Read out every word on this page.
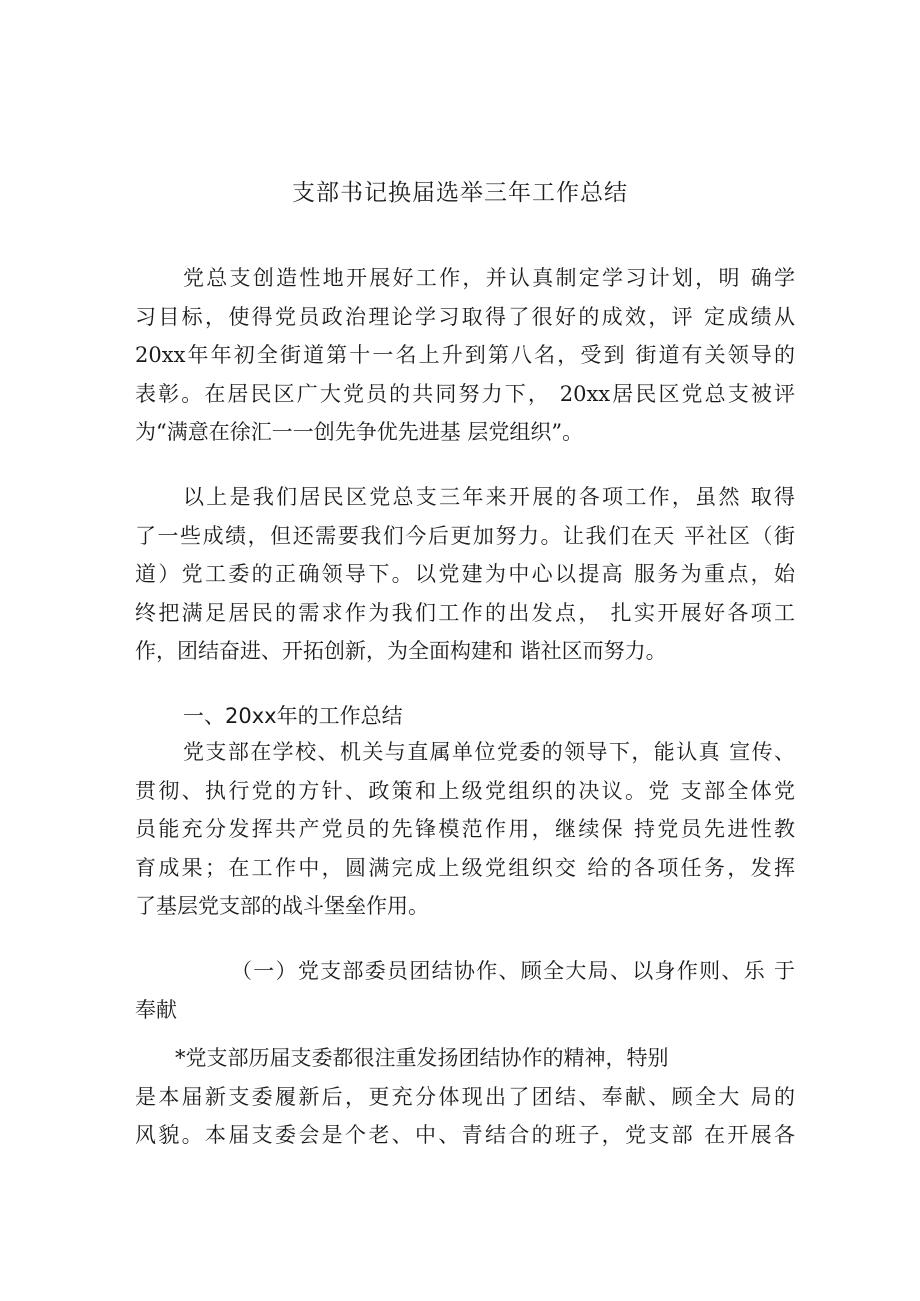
支部书记换届选举三年工作总结
党总支创造性地开展好工作，并认真制定学习计划，明 确学
习目标，使得党员政治理论学习取得了很好的成效，评 定成绩从
20xx年年初全街道第十一名上升到第八名，受到 街道有关领导的
表彰。在居民区广大党员的共同努力下， 20xx居民区党总支被评
为“满意在徐汇一一创先争优先进基 层党组织”。
以上是我们居民区党总支三年来开展的各项工作，虽然 取得
了一些成绩，但还需要我们今后更加努力。让我们在天 平社区（街
道）党工委的正确领导下。以党建为中心以提高 服务为重点，始
终把满足居民的需求作为我们工作的出发点， 扎实开展好各项工
作，团结奋进、开拓创新，为全面构建和 谐社区而努力。
一、20xx年的工作总结
党支部在学校、机关与直属单位党委的领导下，能认真 宣传、
贯彻、执行党的方针、政策和上级党组织的决议。党 支部全体党
员能充分发挥共产党员的先锋模范作用，继续保 持党员先进性教
育成果；在工作中，圆满完成上级党组织交 给的各项任务，发挥
了基层党支部的战斗堡垒作用。
（一）党支部委员团结协作、顾全大局、以身作则、乐 于
奉献
*党支部历届支委都很注重发扬团结协作的精神，特别
是本届新支委履新后，更充分体现出了团结、奉献、顾全大 局的
风貌。本届支委会是个老、中、青结合的班子，党支部 在开展各
